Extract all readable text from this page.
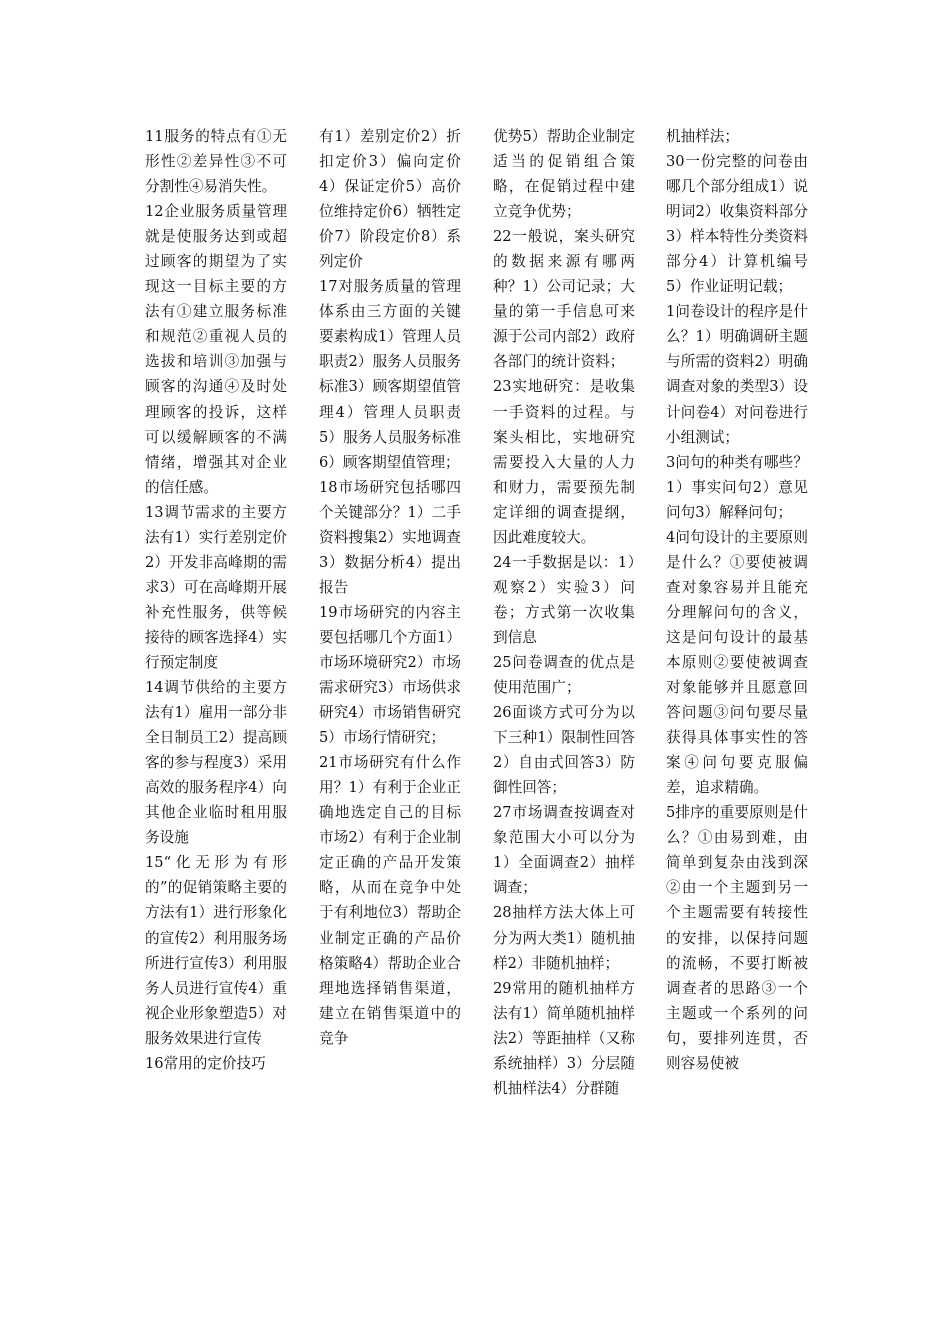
11服务的特点有①无形性②差异性③不可分割性④易消失性。

12企业服务质量管理就是使服务达到或超过顾客的期望为了实现这一目标主要的方法有①建立服务标准和规范②重视人员的选拔和培训③加强与顾客的沟通④及时处理顾客的投诉，这样可以缓解顾客的不满情绪，增强其对企业的信任感。

13调节需求的主要方法有1）实行差别定价2）开发非高峰期的需求3）可在高峰期开展补充性服务，供等候接待的顾客选择4）实行预定制度

14调节供给的主要方法有1）雇用一部分非全日制员工2）提高顾客的参与程度3）采用高效的服务程序4）向其他企业临时租用服务设施

15“化无形为有形的”的促销策略主要的方法有1）进行形象化的宣传2）利用服务场所进行宣传3）利用服务人员进行宣传4）重视企业形象塑造5）对服务效果进行宣传

16常用的定价技巧

有1）差别定价2）折扣定价3）偏向定价4）保证定价5）高价位维持定价6）牺牲定价7）阶段定价8）系列定价

17对服务质量的管理体系由三方面的关键要素构成1）管理人员职责2）服务人员服务标准3）顾客期望值管理4）管理人员职责5）服务人员服务标准6）顾客期望值管理；

18市场研究包括哪四个关键部分？1）二手资料搜集2）实地调查3）数据分析4）提出报告

19市场研究的内容主要包括哪几个方面1）市场环境研究2）市场需求研究3）市场供求研究4）市场销售研究5）市场行情研究；

21市场研究有什么作用？1）有利于企业正确地选定自己的目标市场2）有利于企业制定正确的产品开发策略，从而在竞争中处于有利地位3）帮助企业制定正确的产品价格策略4）帮助企业合理地选择销售渠道，建立在销售渠道中的竞争

优势5）帮助企业制定适当的促销组合策略，在促销过程中建立竞争优势；

22一般说，案头研究的数据来源有哪两种？1）公司记录；大量的第一手信息可来源于公司内部2）政府各部门的统计资料；

23实地研究：是收集一手资料的过程。与案头相比，实地研究需要投入大量的人力和财力，需要预先制定详细的调查提纲，因此难度较大。

24一手数据是以：1）观察2）实验3）问卷；方式第一次收集到信息

25问卷调查的优点是使用范围广；

26面谈方式可分为以下三种1）限制性回答2）自由式回答3）防御性回答；

27市场调查按调查对象范围大小可以分为1）全面调查2）抽样调查；

28抽样方法大体上可分为两大类1）随机抽样2）非随机抽样；

29常用的随机抽样方法有1）简单随机抽样法2）等距抽样（又称系统抽样）3）分层随机抽样法4）分群随

机抽样法；

30一份完整的问卷由哪几个部分组成1）说明词2）收集资料部分3）样本特性分类资料部分4）计算机编号5）作业证明记载；

1问卷设计的程序是什么？1）明确调研主题与所需的资料2）明确调查对象的类型3）设计问卷4）对问卷进行小组测试；

3问句的种类有哪些？1）事实问句2）意见问句3）解释问句；

4问句设计的主要原则是什么？①要使被调查对象容易并且能充分理解问句的含义，这是问句设计的最基本原则②要使被调查对象能够并且愿意回答问题③问句要尽量获得具体事实性的答案④问句要克服偏差，追求精确。

5排序的重要原则是什么？①由易到难，由简单到复杂由浅到深②由一个主题到另一个主题需要有转接性的安排，以保持问题的流畅，不要打断被调查者的思路③一个主题或一个系列的问句，要排列连贯，否则容易使被
